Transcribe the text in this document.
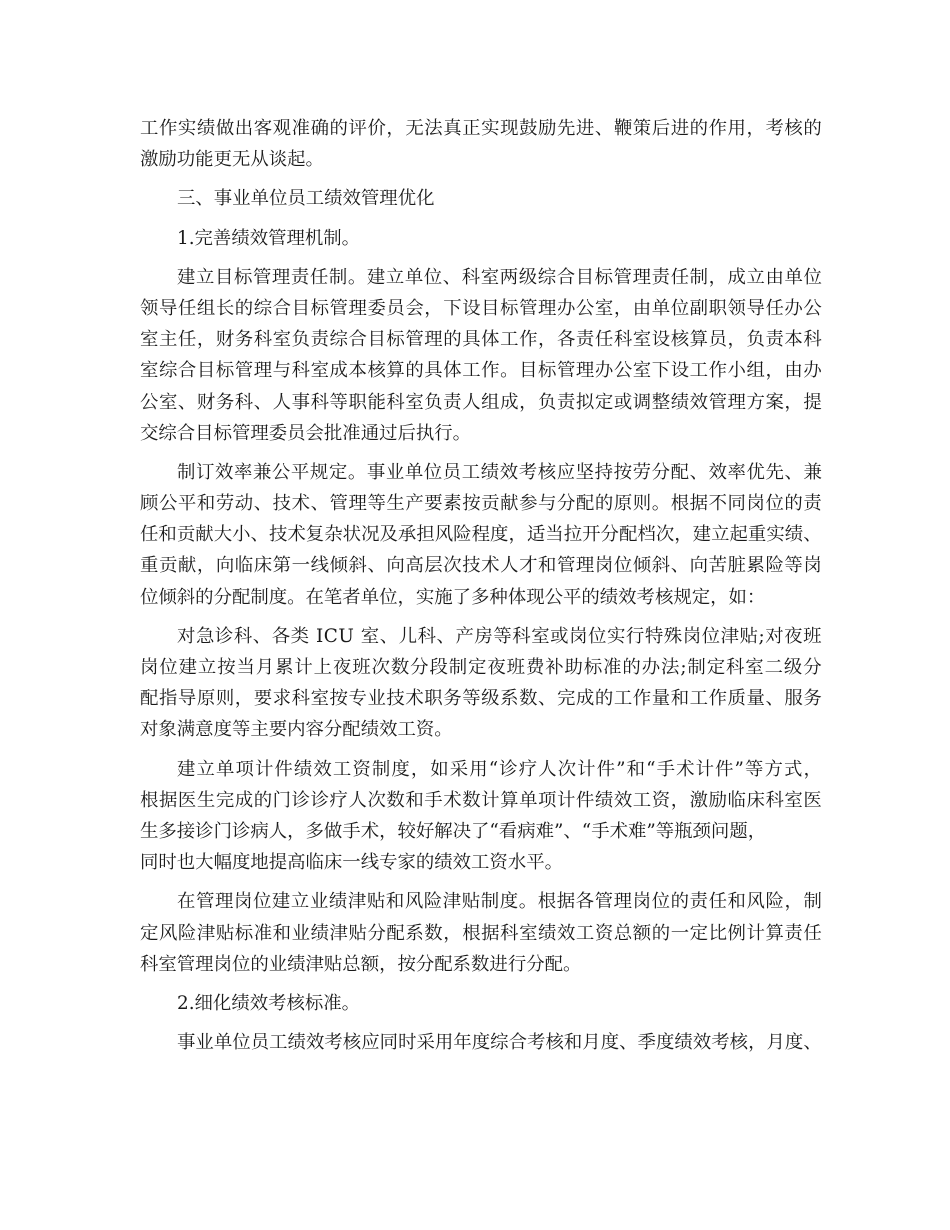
工 作 实 绩 做 出 客 观 准 确 的 评 价 ， 无 法 真 正 实 现 鼓 励 先 进 、 鞭 策 后 进 的 作 用 ， 考 核 的
激励功能更无从谈起。
三、事业单位员工绩效管理优化
1.完善绩效管理机制。
建 立 目 标 管 理 责 任 制 。 建 立 单 位 、 科 室 两 级 综 合 目 标 管 理 责 任 制 ， 成 立 由 单 位
领 导 任 组 长 的 综 合 目 标 管 理 委 员 会 ， 下 设 目 标 管 理 办 公 室 ， 由 单 位 副 职 领 导 任 办 公
室 主 任 ， 财 务 科 室 负 责 综 合 目 标 管 理 的 具 体 工 作 ， 各 责 任 科 室 设 核 算 员 ， 负 责 本 科
室 综 合 目 标 管 理 与 科 室 成 本 核 算 的 具 体 工 作 。 目 标 管 理 办 公 室 下 设 工 作 小 组 ， 由 办
公 室 、 财 务 科 、 人 事 科 等 职 能 科 室 负 责 人 组 成 ， 负 责 拟 定 或 调 整 绩 效 管 理 方 案 ， 提
交综合目标管理委员会批准通过后执行。
制 订 效 率 兼 公 平 规 定 。 事 业 单 位 员 工 绩 效 考 核 应 坚 持 按 劳 分 配 、 效 率 优 先 、 兼
顾 公 平 和 劳 动 、 技 术 、 管 理 等 生 产 要 素 按 贡 献 参 与 分 配 的 原 则 。 根 据 不 同 岗 位 的 责
任 和 贡 献 大 小 、 技 术 复 杂 状 况 及 承 担 风 险 程 度 ， 适 当 拉 开 分 配 档 次 ， 建 立 起 重 实 绩 、
重 贡 献 ， 向 临 床 第 一 线 倾 斜 、 向 高 层 次 技 术 人 才 和 管 理 岗 位 倾 斜 、 向 苦 脏 累 险 等 岗
位倾斜的分配制度。在笔者单位，实施了多种体现公平的绩效考核规定，如：
对 急 诊 科 、 各 类
I C U
室 、 儿 科 、 产 房 等 科 室 或 岗 位 实 行 特 殊 岗 位 津 贴 ; 对 夜 班
岗 位 建 立 按 当 月 累 计 上 夜 班 次 数 分 段 制 定 夜 班 费 补 助 标 准 的 办 法 ; 制 定 科 室 二 级 分
配 指 导 原 则 ， 要 求 科 室 按 专 业 技 术 职 务 等 级 系 数 、 完 成 的 工 作 量 和 工 作 质 量 、 服 务
对象满意度等主要内容分配绩效工资。
建 立 单 项 计 件 绩 效 工 资 制 度 ， 如 采 用 “ 诊 疗 人 次 计 件 ” 和 “ 手 术 计 件 ” 等 方 式 ，
根 据 医 生 完 成 的 门 诊 诊 疗 人 次 数 和 手 术 数 计 算 单 项 计 件 绩 效 工 资 ， 激 励 临 床 科 室 医
生多接诊门诊病人，多做手术，较好解决了“看病难”、“手术难”等瓶颈问题，
同时也大幅度地提高临床一线专家的绩效工资水平。
在 管 理 岗 位 建 立 业 绩 津 贴 和 风 险 津 贴 制 度 。 根 据 各 管 理 岗 位 的 责 任 和 风 险 ， 制
定 风 险 津 贴 标 准 和 业 绩 津 贴 分 配 系 数 ， 根 据 科 室 绩 效 工 资 总 额 的 一 定 比 例 计 算 责 任
科室管理岗位的业绩津贴总额，按分配系数进行分配。
2.细化绩效考核标准。
事 业 单 位 员 工 绩 效 考 核 应 同 时 采 用 年 度 综 合 考 核 和 月 度 、 季 度 绩 效 考 核 ， 月 度 、
